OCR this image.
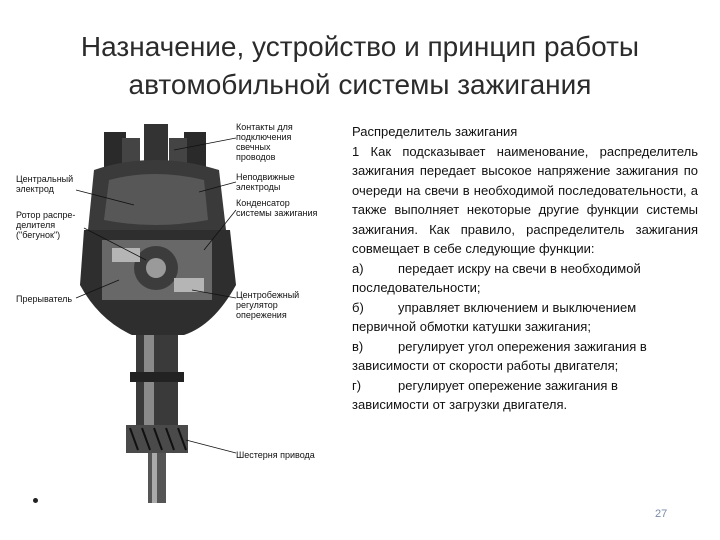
Назначение, устройство и принцип работы
автомобильной системы зажигания
Контакты для
подключения
свечных
проводов
Неподвижные
электроды
Центральный
электрод
Конденсатор
системы зажигания
Ротор распре-
делителя
("бегунок")
Прерыватель	Центробежный
регулятор
опережения
Шестерня привода
Распределитель зажигания
1 Как подсказывает наименование, распределитель зажигания передает высокое напряжение зажигания по очереди на свечи в необходимой последовательности, а также выполняет некоторые другие функции системы зажигания. Как правило, распределитель зажигания совмещает в себе следующие функции:
а)	передает искру на свечи в необходимой последовательности;
б)	управляет включением и выключением первичной обмотки катушки зажигания;
в)	регулирует угол опережения зажигания в зависимости от скорости работы двигателя;
г)	регулирует опережение зажигания в зависимости от загрузки двигателя.
27
